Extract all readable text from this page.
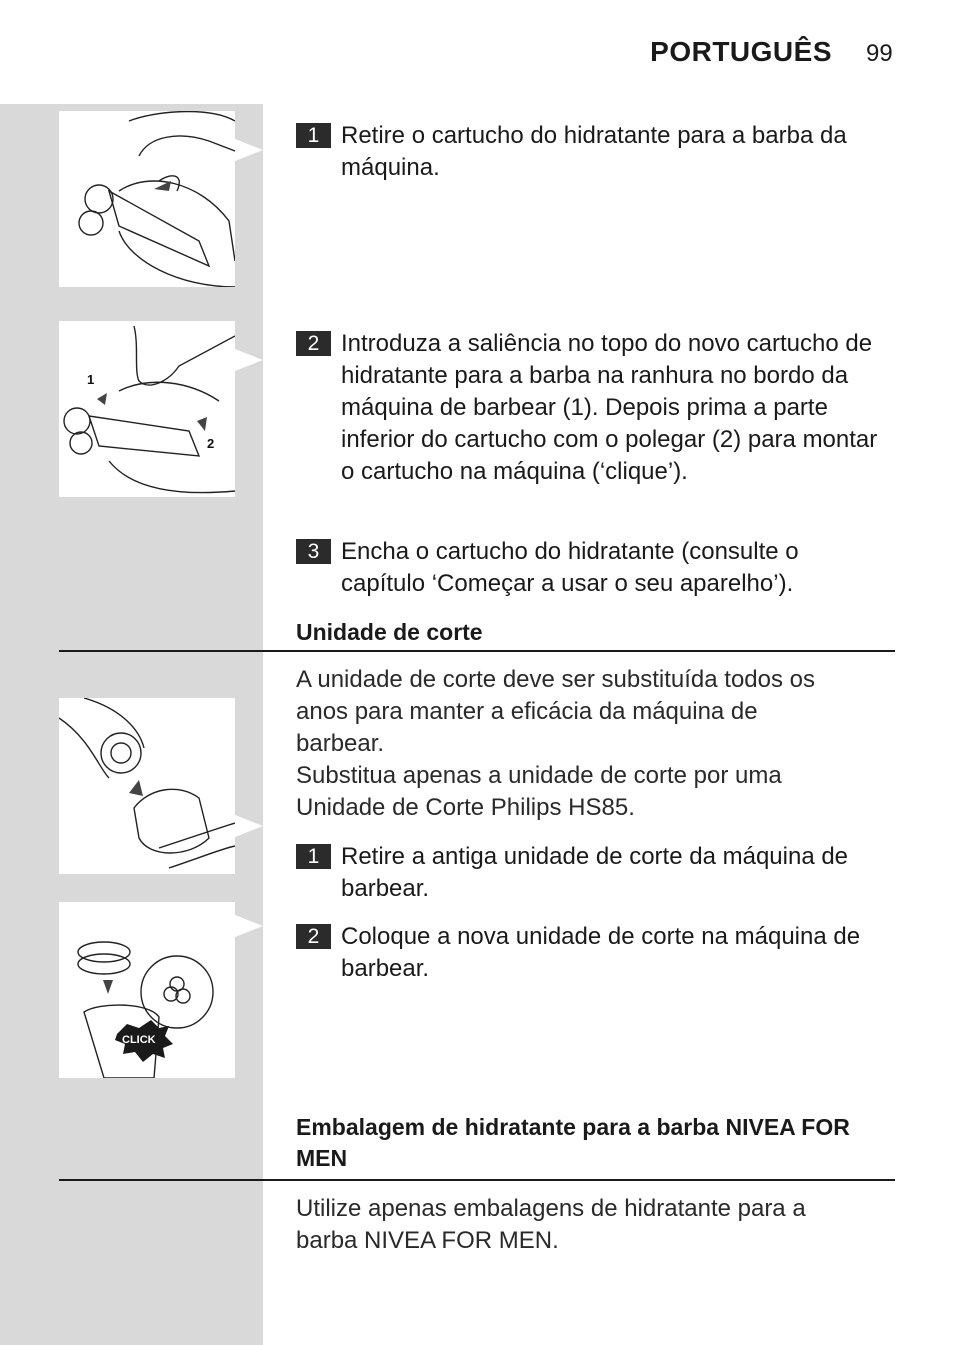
PORTUGUÊS 99
1
2
CLICK
1 Retire o cartucho do hidratante para a barba da máquina.
2 Introduza a saliência no topo do novo cartucho de hidratante para a barba na ranhura no bordo da máquina de barbear (1). Depois prima a parte inferior do cartucho com o polegar (2) para montar o cartucho na máquina (‘clique’).
3 Encha o cartucho do hidratante (consulte o capítulo ‘Começar a usar o seu aparelho’).
Unidade de corte
A unidade de corte deve ser substituída todos os anos para manter a eficácia da máquina de barbear.
Substitua apenas a unidade de corte por uma Unidade de Corte Philips HS85.
1 Retire a antiga unidade de corte da máquina de barbear.
2 Coloque a nova unidade de corte na máquina de barbear.
Embalagem de hidratante para a barba NIVEA FOR MEN
Utilize apenas embalagens de hidratante para a barba NIVEA FOR MEN.
